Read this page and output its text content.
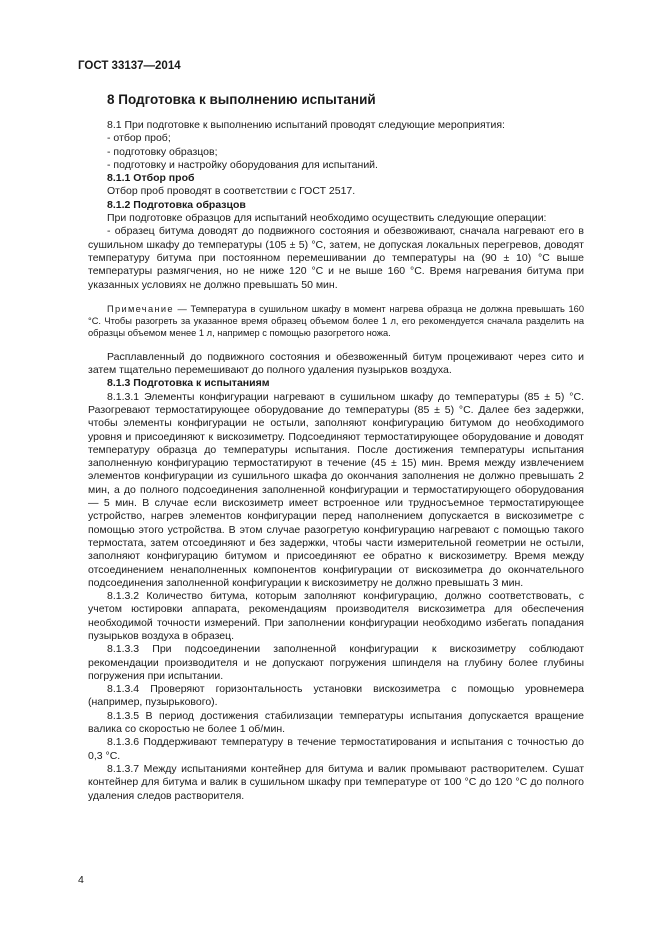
ГОСТ 33137—2014

8 Подготовка к выполнению испытаний

8.1 При подготовке к выполнению испытаний проводят следующие мероприятия:

- отбор проб;

- подготовку образцов;

- подготовку и настройку оборудования для испытаний.

8.1.1 Отбор проб

Отбор проб проводят в соответствии с ГОСТ 2517.

8.1.2 Подготовка образцов

При подготовке образцов для испытаний необходимо осуществить следующие операции:

- образец битума доводят до подвижного состояния и обезвоживают, сначала нагревают его в сушильном шкафу до температуры (105 ± 5) °C, затем, не допуская локальных перегревов, доводят температуру битума при постоянном перемешивании до температуры на (90 ± 10) °C выше температуры размягчения, но не ниже 120 °C и не выше 160 °C. Время нагревания битума при указанных условиях не должно превышать 50 мин.

Примечание — Температура в сушильном шкафу в момент нагрева образца не должна превышать 160 °C. Чтобы разогреть за указанное время образец объемом более 1 л, его рекомендуется сначала разделить на образцы объемом менее 1 л, например с помощью разогретого ножа.

Расплавленный до подвижного состояния и обезвоженный битум процеживают через сито и затем тщательно перемешивают до полного удаления пузырьков воздуха.

8.1.3 Подготовка к испытаниям

8.1.3.1 Элементы конфигурации нагревают в сушильном шкафу до температуры (85 ± 5) °C. Разогревают термостатирующее оборудование до температуры (85 ± 5) °C. Далее без задержки, чтобы элементы конфигурации не остыли, заполняют конфигурацию битумом до необходимого уровня и присоединяют к вискозиметру. Подсоединяют термостатирующее оборудование и доводят температуру образца до температуры испытания. После достижения температуры испытания заполненную конфигурацию термостатируют в течение (45 ± 15) мин. Время между извлечением элементов конфигурации из сушильного шкафа до окончания заполнения не должно превышать 2 мин, а до полного подсоединения заполненной конфигурации и термостатирующего оборудования — 5 мин. В случае если вискозиметр имеет встроенное или трудносъемное термостатирующее устройство, нагрев элементов конфигурации перед наполнением допускается в вискозиметре с помощью этого устройства. В этом случае разогретую конфигурацию нагревают с помощью такого термостата, затем отсоединяют и без задержки, чтобы части измерительной геометрии не остыли, заполняют конфигурацию битумом и присоединяют ее обратно к вискозиметру. Время между отсоединением ненаполненных компонентов конфигурации от вискозиметра до окончательного подсоединения заполненной конфигурации к вискозиметру не должно превышать 3 мин.

8.1.3.2 Количество битума, которым заполняют конфигурацию, должно соответствовать, с учетом юстировки аппарата, рекомендациям производителя вискозиметра для обеспечения необходимой точности измерений. При заполнении конфигурации необходимо избегать попадания пузырьков воздуха в образец.

8.1.3.3 При подсоединении заполненной конфигурации к вискозиметру соблюдают рекомендации производителя и не допускают погружения шпинделя на глубину более глубины погружения при испытании.

8.1.3.4 Проверяют горизонтальность установки вискозиметра с помощью уровнемера (например, пузырькового).

8.1.3.5 В период достижения стабилизации температуры испытания допускается вращение валика со скоростью не более 1 об/мин.

8.1.3.6 Поддерживают температуру в течение термостатирования и испытания с точностью до 0,3 °C.

8.1.3.7 Между испытаниями контейнер для битума и валик промывают растворителем. Сушат контейнер для битума и валик в сушильном шкафу при температуре от 100 °C до 120 °C до полного удаления следов растворителя.

4
